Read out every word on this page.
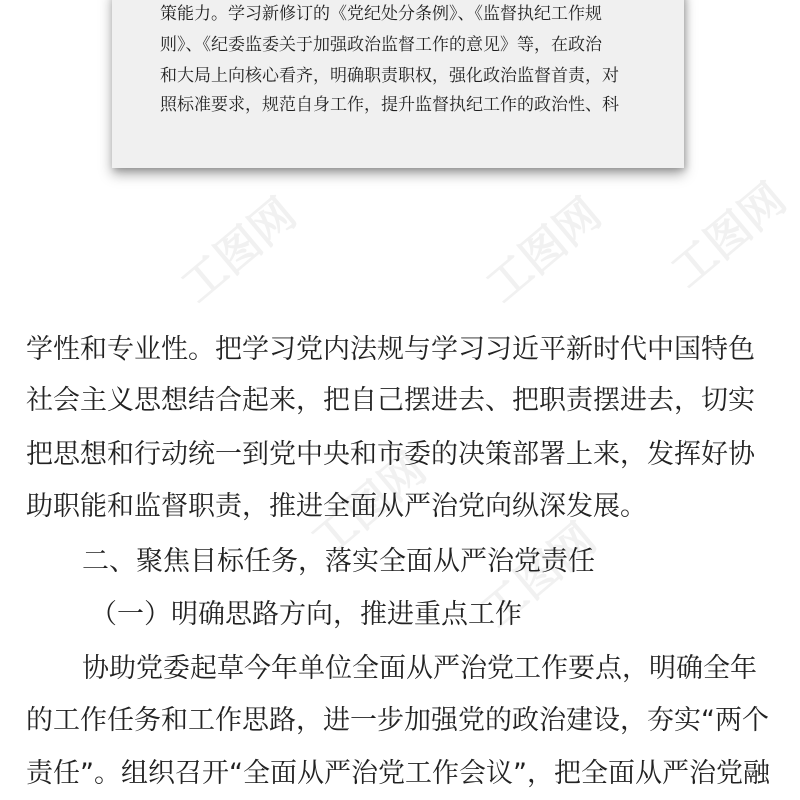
策能力。学习新修订的《党纪处分条例》、《监督执纪工作规
则》、《纪委监委关于加强政治监督工作的意见》等，在政治
和大局上向核心看齐，明确职责职权，强化政治监督首责，对
照标准要求，规范自身工作，提升监督执纪工作的政治性、科
工图网	工图网 工图网
工图网
工图网
学性和专业性。把学习党内法规与学习习近平新时代中国特色
社会主义思想结合起来，把自己摆进去、把职责摆进去，切实
把思想和行动统一到党中央和市委的决策部署上来，发挥好协
助职能和监督职责，推进全面从严治党向纵深发展。
二、聚焦目标任务，落实全面从严治党责任
（一）明确思路方向，推进重点工作
协助党委起草今年单位全面从严治党工作要点，明确全年
的工作任务和工作思路，进一步加强党的政治建设，夯实“两个
责任”。组织召开“全面从严治党工作会议”，把全面从严治党融
